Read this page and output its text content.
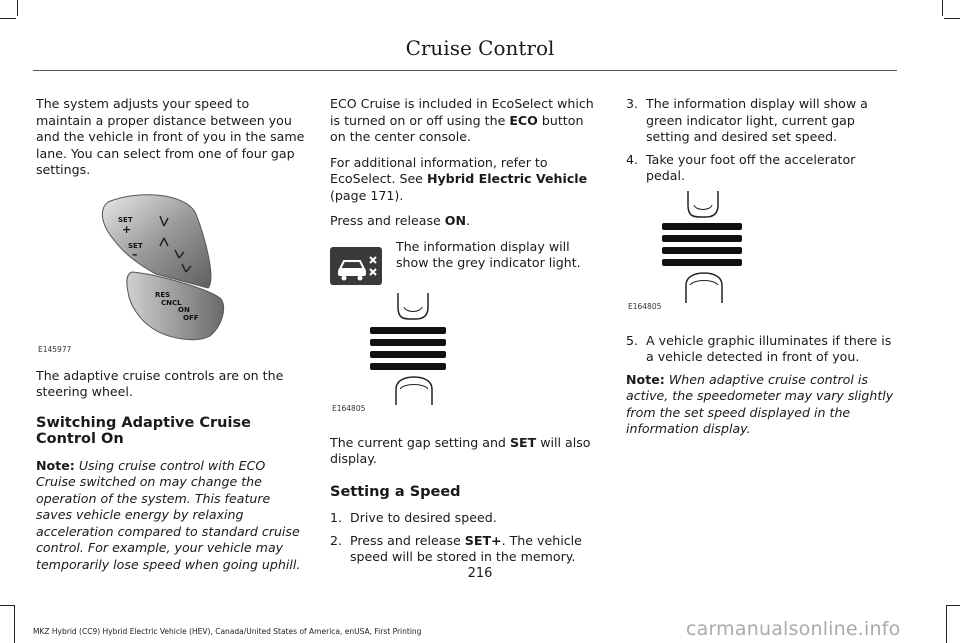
Cruise Control

The system adjusts your speed to maintain a proper distance between you and the vehicle in front of you in the same lane. You can select from one of four gap settings.

SET
+
SET
–
RES
CNCL
ON
OFF
E145977

The adaptive cruise controls are on the steering wheel.

Switching Adaptive Cruise Control On

Note: Using cruise control with ECO Cruise switched on may change the operation of the system. This feature saves vehicle energy by relaxing acceleration compared to standard cruise control. For example, your vehicle may temporarily lose speed when going uphill.

ECO Cruise is included in EcoSelect which is turned on or off using the ECO button on the center console.

For additional information, refer to EcoSelect. See Hybrid Electric Vehicle (page 171).

Press and release ON.

The information display will show the grey indicator light.
E164805

The current gap setting and SET will also display.

Setting a Speed
1. Drive to desired speed.
2. Press and release SET+. The vehicle speed will be stored in the memory.
3. The information display will show a green indicator light, current gap setting and desired set speed.
4. Take your foot off the accelerator pedal.
E164805
5. A vehicle graphic illuminates if there is a vehicle detected in front of you.

Note: When adaptive cruise control is active, the speedometer may vary slightly from the set speed displayed in the information display.

216
MKZ Hybrid (CC9) Hybrid Electric Vehicle (HEV), Canada/United States of America, enUSA, First Printing	carmanualsonline.info
